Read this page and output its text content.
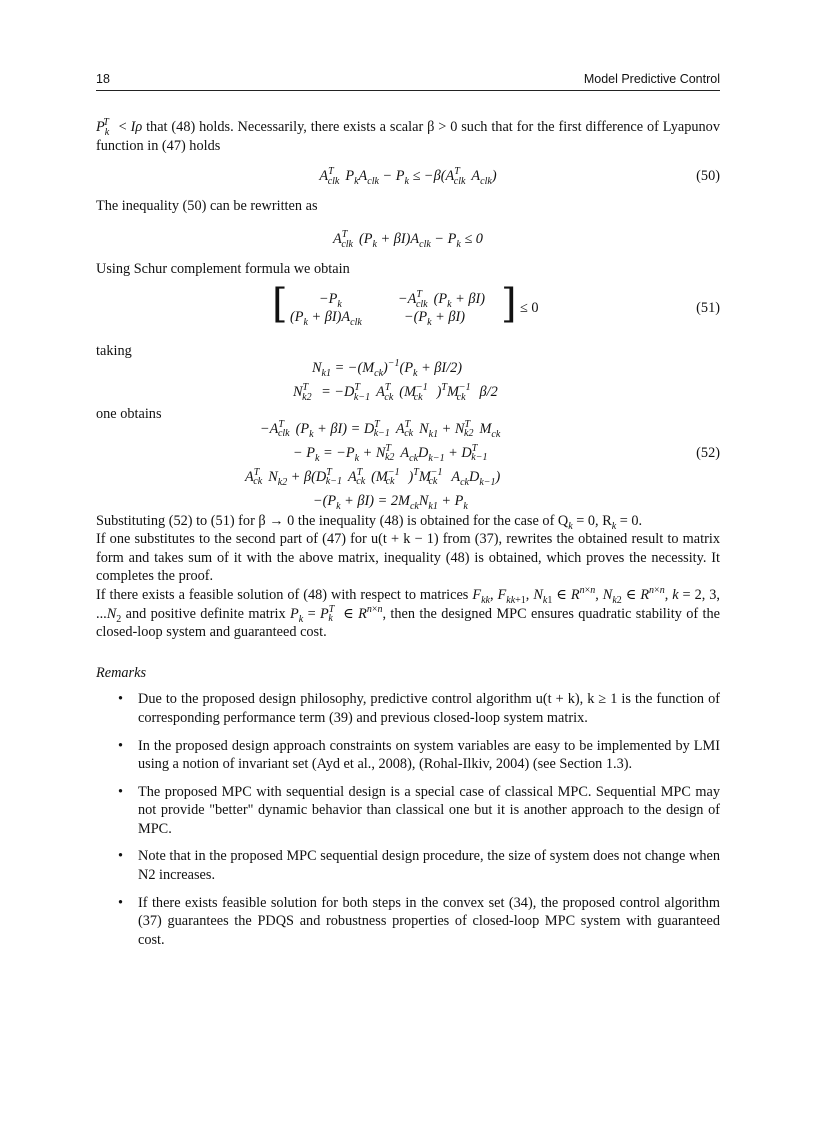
18	Model Predictive Control

$P_k^T < I\rho$ that (48) holds. Necessarily, there exists a scalar β > 0 such that for the first difference of Lyapunov function in (47) holds

$A^T_{clk}$ $P_kA_{clk} - P_k \le -\beta(A^T_{clk}$ $A_{clk}$)	(50)

The inequality (50) can be rewritten as

$A^T_{clk}$ $(P_k + \beta I)A_{clk} - P_k \le 0$

Using Schur complement formula we obtain

[ $-P_k$	$-A^T_{clk}$ $(P_k + \beta I)$
$(P_k + \beta I)A_{clk}$	$-(P_k + \beta I)$ ] ≤ 0	(51)

taking

$N_{k1} = -(M_{ck})^{-1}(P_k + \beta I/2)$
$N^T_{k2} = -D^T_{k-1}$ $A^T_{ck}$ ($M^{-1}_{ck}$ )$^TM^{-1}_{ck}$ β/2

one obtains

$-A^T_{clk}$ $(P_k + \beta I) = D^T_{k-1}$ $A^T_{ck}$ $N_{k1} + N^T_{k2}$ $M_{ck}$
− $P_k = -P_k + N^T_{k2}$ $A_{ck}D_{k-1} + D^T_{k-1}$	(52)
$A^T_{ck}$ $N_{k2} + \beta(D^T_{k-1}$ $A^T_{ck}$ ($M^{-1}_{ck}$ )$^TM^{-1}_{ck}$ $A_{ck}D_{k-1}$)
$-(P_k + \beta I) = 2M_{ck}N_{k1} + P_k$

Substituting (52) to (51) for β → 0 the inequality (48) is obtained for the case of $Q_k = 0$, $R_k = 0$.
If one substitutes to the second part of (47) for u(t + k − 1) from (37), rewrites the obtained result to matrix form and takes sum of it with the above matrix, inequality (48) is obtained, which proves the necessity. It completes the proof.

If there exists a feasible solution of (48) with respect to matrices $F_{kk}$, $F_{kk+1}$, $N_{k1}$ ∈ $R^{n\times n}$, $N_{k2}$ ∈ $R^{n\times n}$, k = 2, 3, $...N_2$ and positive definite matrix $P_k = P^T_k$ ∈ $R^{n\times n}$, then the designed MPC ensures quadratic stability of the closed-loop system and guaranteed cost.

Remarks
• Due to the proposed design philosophy, predictive control algorithm u(t + k), k ≥ 1 is the function of corresponding performance term (39) and previous closed-loop system matrix.
• In the proposed design approach constraints on system variables are easy to be implemented by LMI using a notion of invariant set (Ayd et al., 2008), (Rohal-Ilkiv, 2004) (see Section 1.3).
• The proposed MPC with sequential design is a special case of classical MPC. Sequential MPC may not provide "better" dynamic behavior than classical one but it is another approach to the design of MPC.
• Note that in the proposed MPC sequential design procedure, the size of system does not change when N2 increases.
• If there exists feasible solution for both steps in the convex set (34), the proposed control algorithm (37) guarantees the PDQS and robustness properties of closed-loop MPC system with guaranteed cost.
